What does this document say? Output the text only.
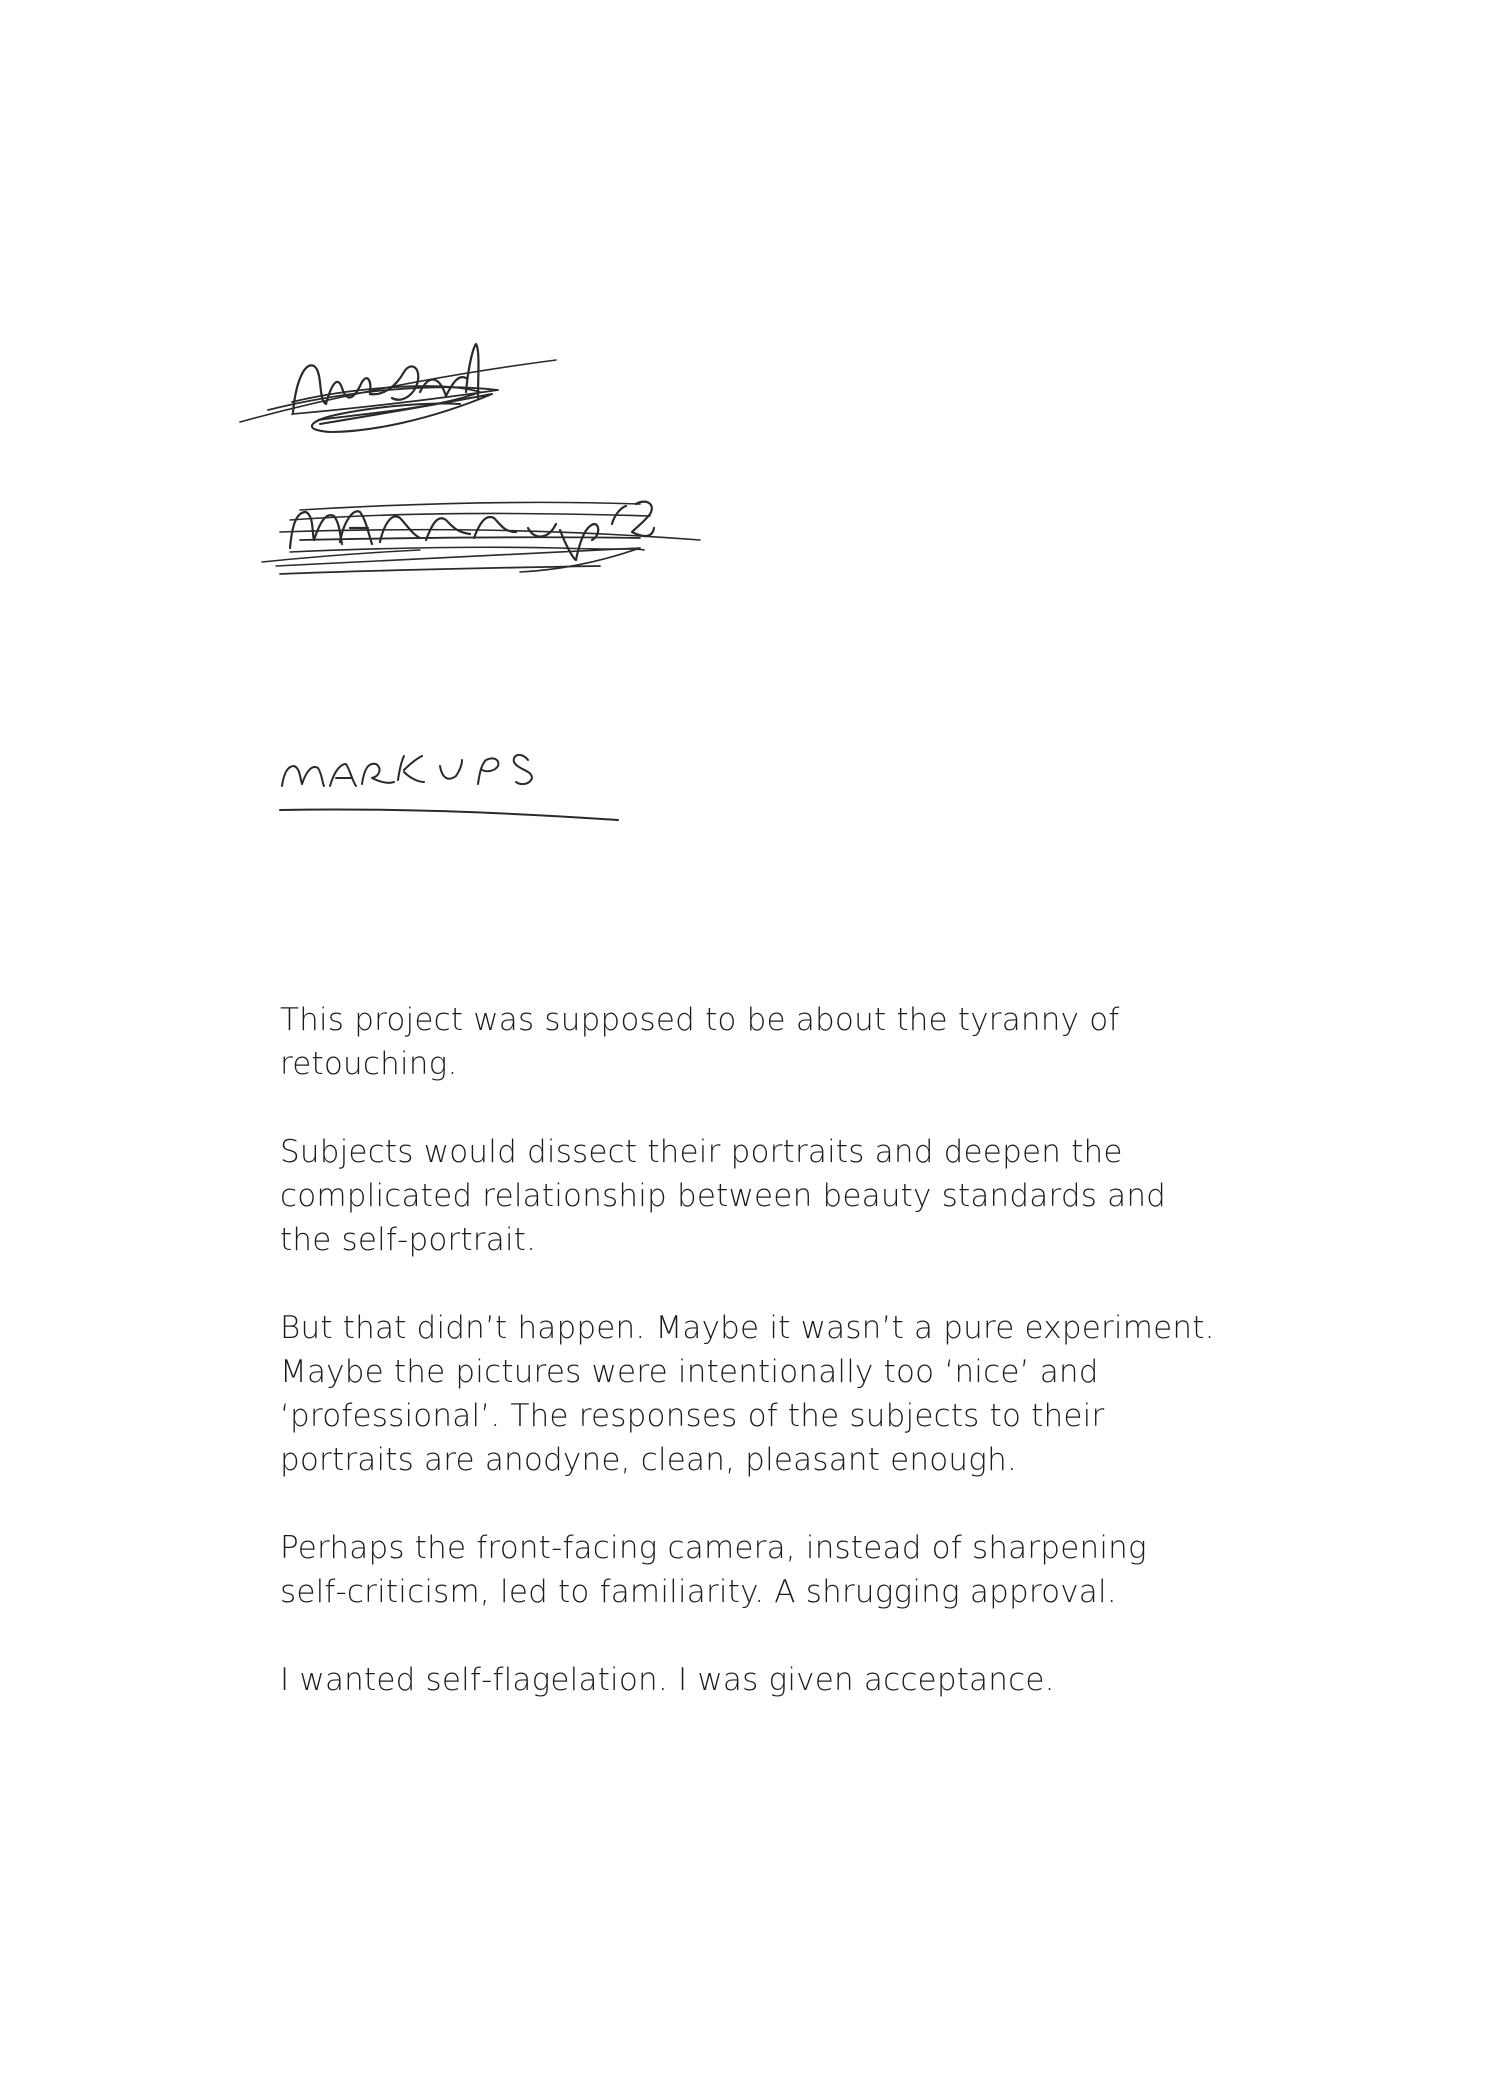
This project was supposed to be about the tyranny of
retouching.

Subjects would dissect their portraits and deepen the
complicated relationship between beauty standards and
the self-portrait.

But that didn’t happen. Maybe it wasn’t a pure experiment.
Maybe the pictures were intentionally too ‘nice’ and
‘professional’. The responses of the subjects to their
portraits are anodyne, clean, pleasant enough.

Perhaps the front-facing camera, instead of sharpening
self-criticism, led to familiarity. A shrugging approval.

I wanted self-flagelation. I was given acceptance.
